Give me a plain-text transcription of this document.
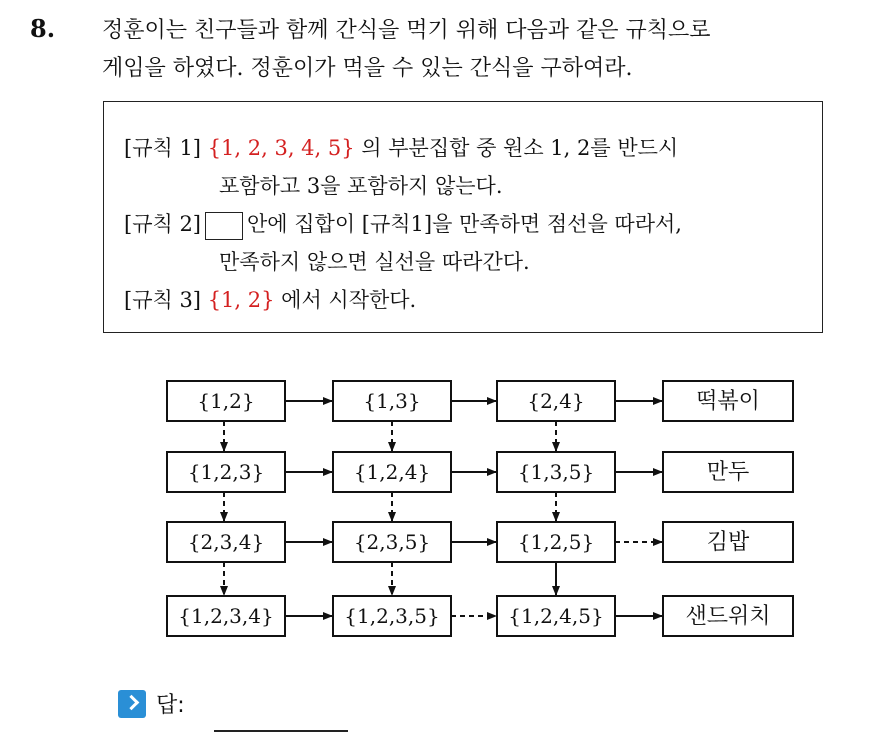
8. 정훈이는 친구들과 함께 간식을 먹기 위해 다음과 같은 규칙으로
게임을 하였다. 정훈이가 먹을 수 있는 간식을 구하여라.
[규칙 1] {1, 2, 3, 4, 5} 의 부분집합 중 원소 1, 2를 반드시
포함하고 3을 포함하지 않는다.
[규칙 2] 안에 집합이 [규칙1]을 만족하면 점선을 따라서,
만족하지 않으면 실선을 따라간다.
[규칙 3] {1, 2} 에서 시작한다.
{1,2}	{1,3}	{2,4}	떡볶이
{1,2,3}	{1,2,4}	{1,3,5}	만두
{2,3,4}	{2,3,5}	{1,2,5}	김밥
{1,2,3,4}	{1,2,3,5}	{1,2,4,5}	샌드위치
답:
